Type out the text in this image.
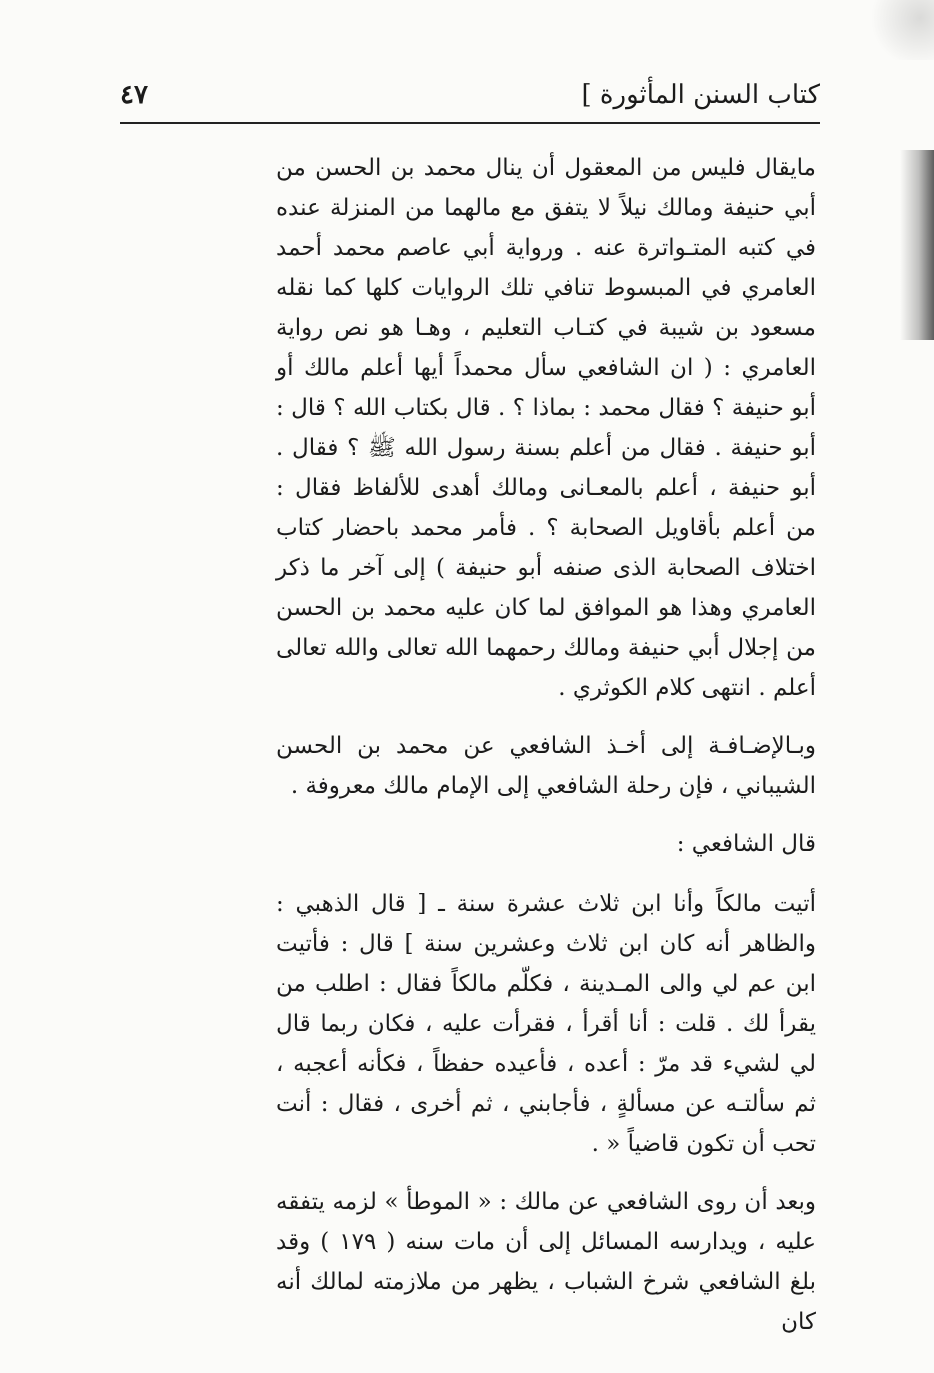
كتاب السنن المأثورة ]
٤٧

مايقال فليس من المعقول أن ينال محمد بن الحسن من أبي حنيفة ومالك نيلاً لا يتفق مع مالهما من المنزلة عنده في كتبه المتـواترة عنه . ورواية أبي عاصم محمد أحمد العامري في المبسوط تنافي تلك الروايات كلها كما نقله مسعود بن شيبة في كتـاب التعليم ، وهـا هو نص رواية العامري : ( ان الشافعي سأل محمداً أيها أعلم مالك أو أبو حنيفة ؟ فقال محمد : بماذا ؟ . قال بكتاب الله ؟ قال : أبو حنيفة . فقال من أعلم بسنة رسول الله ﷺ ؟ فقال . أبو حنيفة ، أعلم بالمعـانى ومالك أهدى للألفاظ فقال : من أعلم بأقاويل الصحابة ؟ . فأمر محمد باحضار كتاب اختلاف الصحابة الذى صنفه أبو حنيفة ) إلى آخر ما ذكر العامري وهذا هو الموافق لما كان عليه محمد بن الحسن من إجلال أبي حنيفة ومالك رحمهما الله تعالى والله تعالى أعلم . انتهى كلام الكوثري .

وبـالإضـافـة إلى أخـذ الشافعي عن محمد بن الحسن الشيباني ، فإن رحلة الشافعي إلى الإمام مالك معروفة .

قال الشافعي :

أتيت مالكاً وأنا ابن ثلاث عشرة سنة ـ [ قال الذهبي : والظاهر أنه كان ابن ثلاث وعشرين سنة ] قال : فأتيت ابن عم لي والى المـدينة ، فكلّم مالكاً فقال : اطلب من يقرأ لك . قلت : أنا أقرأ ، فقرأت عليه ، فكان ربما قال لي لشيء قد مرّ : أعده ، فأعيده حفظاً ، فكأنه أعجبه ، ثم سألتـه عن مسألةٍ ، فأجابني ، ثم أخرى ، فقال : أنت تحب أن تكون قاضياً « .

وبعد أن روى الشافعي عن مالك : « الموطأ » لزمه يتفقه عليه ، ويدارسه المسائل إلى أن مات سنه ( ١٧٩ ) وقد بلغ الشافعي شرخ الشباب ، يظهر من ملازمته لمالك أنه كان
